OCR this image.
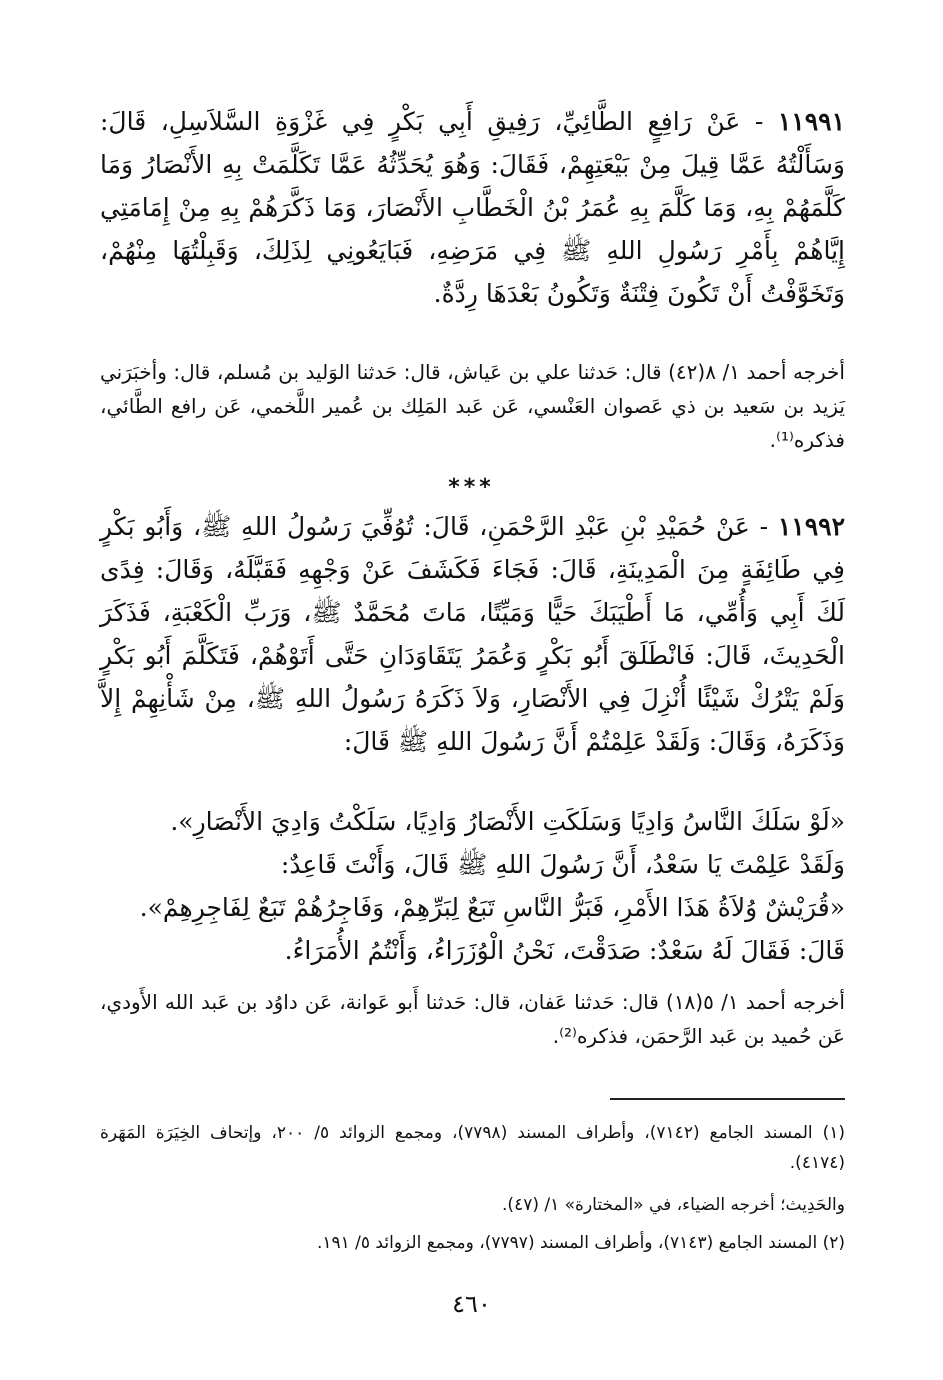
١١٩٩١ - عَنْ رَافِعٍ الطَّائِيِّ، رَفِيقِ أَبِي بَكْرٍ فِي غَزْوَةِ السَّلاَسِلِ، قَالَ: وَسَأَلْتُهُ عَمَّا قِيلَ مِنْ بَيْعَتِهِمْ، فَقَالَ: وَهُوَ يُحَدِّثُهُ عَمَّا تَكَلَّمَتْ بِهِ الأَنْصَارُ وَمَا كَلَّمَهُمْ بِهِ، وَمَا كَلَّمَ بِهِ عُمَرُ بْنُ الْخَطَّابِ الأَنْصَارَ، وَمَا ذَكَّرَهُمْ بِهِ مِنْ إِمَامَتِي إِيَّاهُمْ بِأَمْرِ رَسُولِ اللهِ ﷺ فِي مَرَضِهِ، فَبَايَعُونِي لِذَلِكَ، وَقَبِلْتُهَا مِنْهُمْ، وَتَخَوَّفْتُ أَنْ تَكُونَ فِتْنَةٌ وَتَكُونُ بَعْدَهَا رِدَّةٌ.
أخرجه أحمد ١/ ٨(٤٢) قال: حَدثنا علي بن عَياش، قال: حَدثنا الوَليد بن مُسلم، قال: وأخبَرَني يَزيد بن سَعيد بن ذي عَصوان العَنْسي، عَن عَبد المَلِك بن عُمير اللَّخمي، عَن رافع الطَّائي، فذكره⁽¹⁾.
***
١١٩٩٢ - عَنْ حُمَيْدِ بْنِ عَبْدِ الرَّحْمَنِ، قَالَ: تُوُفِّيَ رَسُولُ اللهِ ﷺ، وَأَبُو بَكْرٍ فِي طَائِفَةٍ مِنَ الْمَدِينَةِ، قَالَ: فَجَاءَ فَكَشَفَ عَنْ وَجْهِهِ فَقَبَّلَهُ، وَقَالَ: فِدًى لَكَ أَبِي وَأُمِّي، مَا أَطْيَبَكَ حَيًّا وَمَيِّتًا، مَاتَ مُحَمَّدٌ ﷺ، وَرَبِّ الْكَعْبَةِ، فَذَكَرَ الْحَدِيثَ، قَالَ: فَانْطَلَقَ أَبُو بَكْرٍ وَعُمَرُ يَتَقَاوَدَانِ حَتَّى أَتَوْهُمْ، فَتَكَلَّمَ أَبُو بَكْرٍ وَلَمْ يَتْرُكْ شَيْئًا أُنْزِلَ فِي الأَنْصَارِ، وَلاَ ذَكَرَهُ رَسُولُ اللهِ ﷺ، مِنْ شَأْنِهِمْ إِلاَّ وَذَكَرَهُ، وَقَالَ: وَلَقَدْ عَلِمْتُمْ أَنَّ رَسُولَ اللهِ ﷺ قَالَ:
«لَوْ سَلَكَ النَّاسُ وَادِيًا وَسَلَكَتِ الأَنْصَارُ وَادِيًا، سَلَكْتُ وَادِيَ الأَنْصَارِ».
وَلَقَدْ عَلِمْتَ يَا سَعْدُ، أَنَّ رَسُولَ اللهِ ﷺ قَالَ، وَأَنْتَ قَاعِدٌ:
«قُرَيْشٌ وُلاَةُ هَذَا الأَمْرِ، فَبَرُّ النَّاسِ تَبَعٌ لِبَرِّهِمْ، وَفَاجِرُهُمْ تَبَعٌ لِفَاجِرِهِمْ».
قَالَ: فَقَالَ لَهُ سَعْدٌ: صَدَقْتَ، نَحْنُ الْوُزَرَاءُ، وَأَنْتُمُ الأُمَرَاءُ.
أخرجه أحمد ١/ ٥(١٨) قال: حَدثنا عَفان، قال: حَدثنا أَبو عَوانة، عَن داوُد بن عَبد الله الأَودي، عَن حُميد بن عَبد الرَّحمَن، فذكره⁽²⁾.
(١) المسند الجامع (٧١٤٢)، وأطراف المسند (٧٧٩٨)، ومجمع الزوائد ٥/ ٢٠٠، وإتحاف الخِيَرَة المَهَرة (٤١٧٤).
والحَدِيث؛ أخرجه الضياء، في «المختارة» ١/ (٤٧).
(٢) المسند الجامع (٧١٤٣)، وأطراف المسند (٧٧٩٧)، ومجمع الزوائد ٥/ ١٩١.
٤٦٠
